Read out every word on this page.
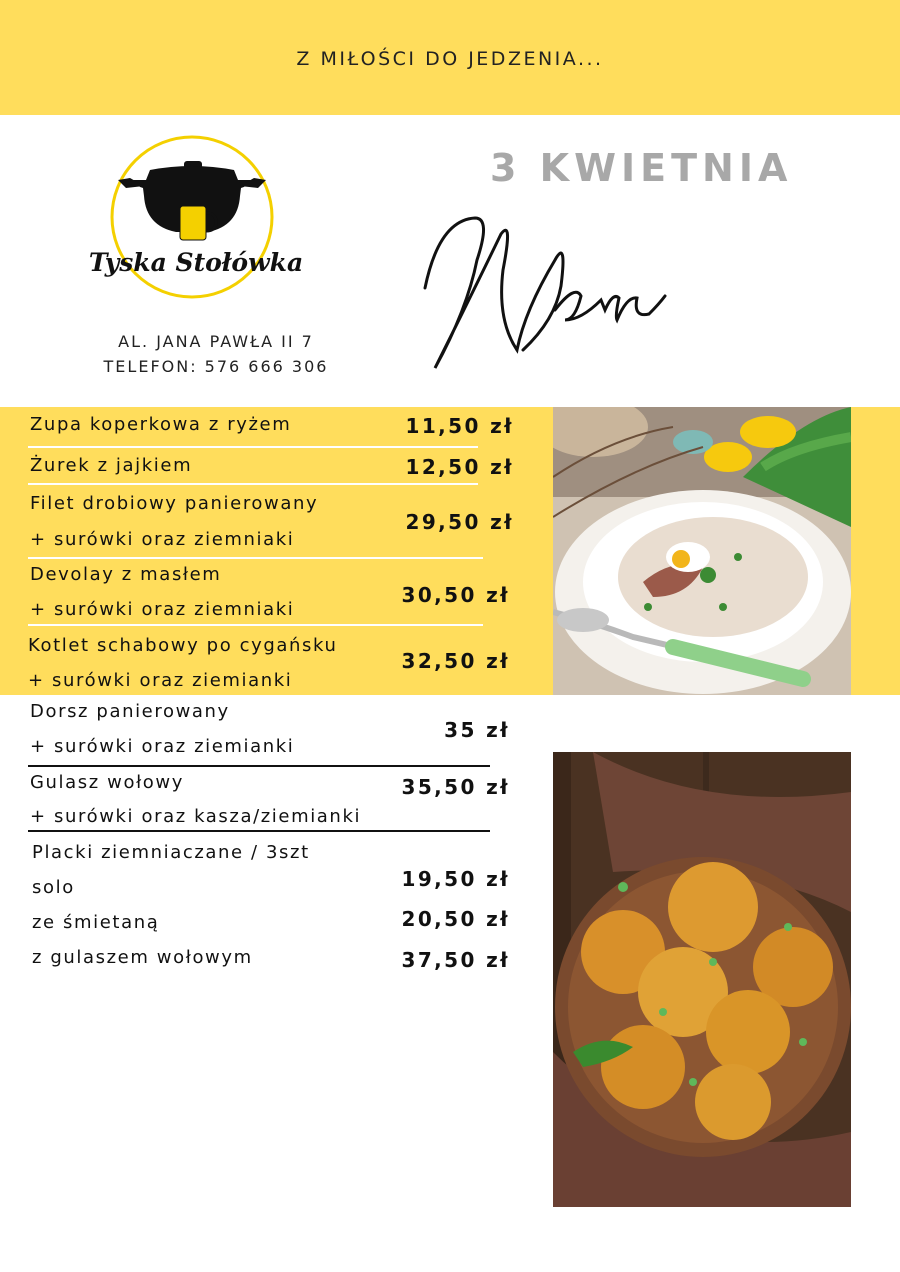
Z MIŁOŚCI DO JEDZENIA...
Tyska Stołówka
AL. JANA PAWŁA II 7
TELEFON: 576 666 306
3 KWIETNIA
Zupa koperkowa z ryżem	11,50 zł
Żurek z jajkiem	12,50 zł
Filet drobiowy panierowany
+ surówki oraz ziemniaki
29,50 zł
Devolay z masłem
+ surówki oraz ziemniaki
30,50 zł
Kotlet schabowy po cygańsku
+ surówki oraz ziemianki
32,50 zł
Dorsz panierowany
+ surówki oraz ziemianki
35 zł
Gulasz wołowy
+ surówki oraz kasza/ziemianki
35,50 zł
Placki ziemniaczane / 3szt
solo	19,50 zł
ze śmietaną	20,50 zł
z gulaszem wołowym	37,50 zł
